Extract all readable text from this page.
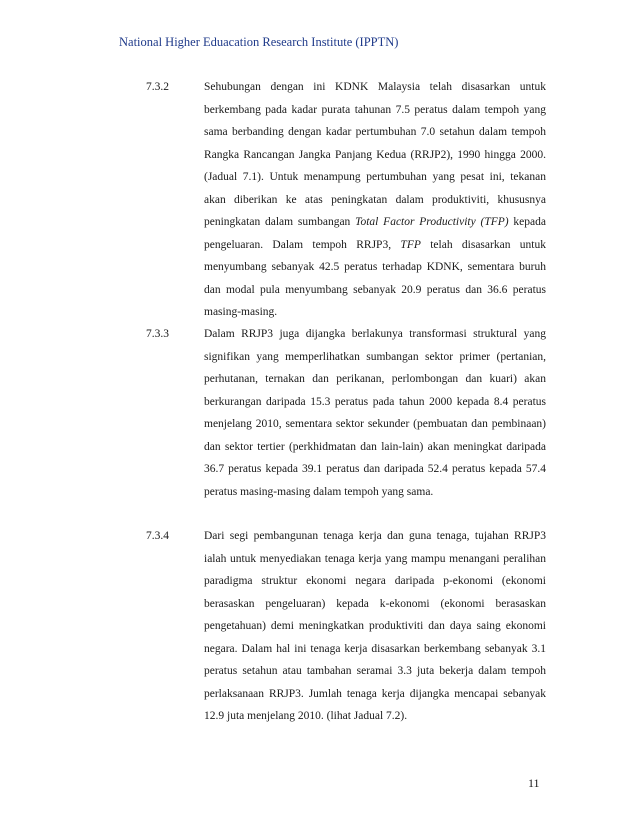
National Higher Eduacation Research Institute (IPPTN)
7.3.2	Sehubungan dengan ini KDNK Malaysia telah disasarkan untuk berkembang pada kadar purata tahunan 7.5 peratus dalam tempoh yang sama berbanding dengan kadar pertumbuhan 7.0 setahun dalam tempoh Rangka Rancangan Jangka Panjang Kedua (RRJP2), 1990 hingga 2000. (Jadual 7.1). Untuk menampung pertumbuhan yang pesat ini, tekanan akan diberikan ke atas peningkatan dalam produktiviti, khususnya peningkatan dalam sumbangan Total Factor Productivity (TFP) kepada pengeluaran. Dalam tempoh RRJP3, TFP telah disasarkan untuk menyumbang sebanyak 42.5 peratus terhadap KDNK, sementara buruh dan modal pula menyumbang sebanyak 20.9 peratus dan 36.6 peratus masing-masing.
7.3.3	Dalam RRJP3 juga dijangka berlakunya transformasi struktural yang signifikan yang memperlihatkan sumbangan sektor primer (pertanian, perhutanan, ternakan dan perikanan, perlombongan dan kuari) akan berkurangan daripada 15.3 peratus pada tahun 2000 kepada 8.4 peratus menjelang 2010, sementara sektor sekunder (pembuatan dan pembinaan) dan sektor tertier (perkhidmatan dan lain-lain) akan meningkat daripada 36.7 peratus kepada 39.1 peratus dan daripada 52.4 peratus kepada 57.4 peratus masing-masing dalam tempoh yang sama.
7.3.4	Dari segi pembangunan tenaga kerja dan guna tenaga, tujahan RRJP3 ialah untuk menyediakan tenaga kerja yang mampu menangani peralihan paradigma struktur ekonomi negara daripada p-ekonomi (ekonomi berasaskan pengeluaran) kepada k-ekonomi (ekonomi berasaskan pengetahuan) demi meningkatkan produktiviti dan daya saing ekonomi negara. Dalam hal ini tenaga kerja disasarkan berkembang sebanyak 3.1 peratus setahun atau tambahan seramai 3.3 juta bekerja dalam tempoh perlaksanaan RRJP3. Jumlah tenaga kerja dijangka mencapai sebanyak 12.9 juta menjelang 2010. (lihat Jadual 7.2).
11
